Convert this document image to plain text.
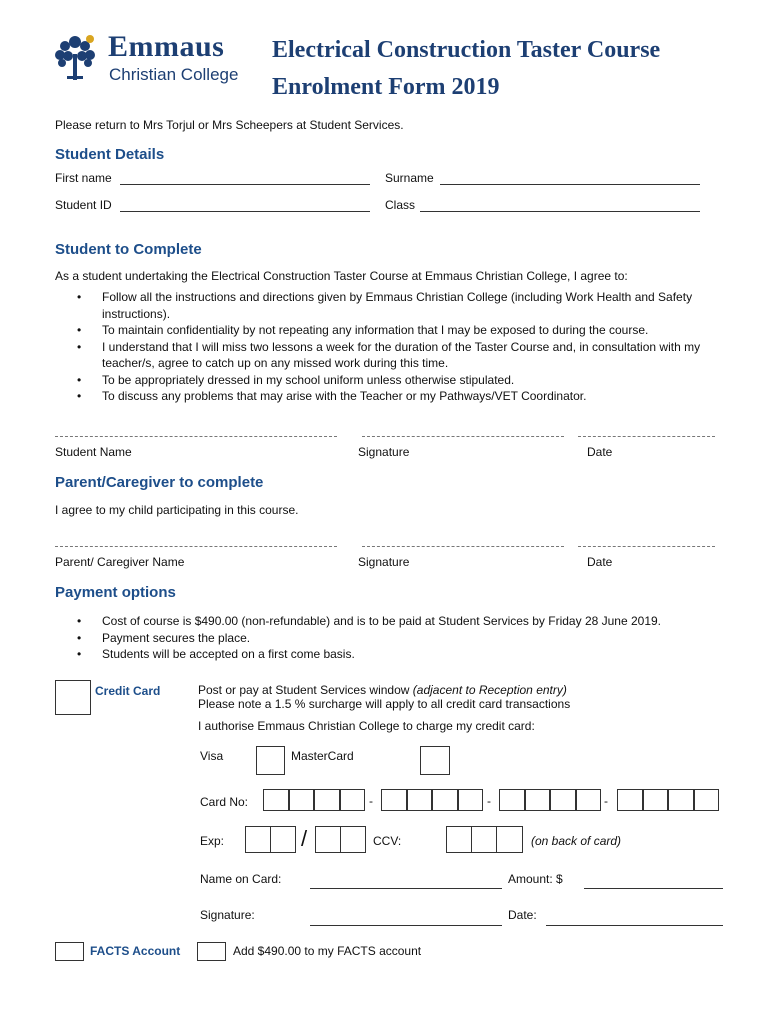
Emmaus
Christian College
Electrical Construction Taster Course
Enrolment Form 2019
Please return to Mrs Torjul or Mrs Scheepers at Student Services.
Student Details
First name	Surname
Student ID	Class
Student to Complete
As a student undertaking the Electrical Construction Taster Course at Emmaus Christian College, I agree to:
• Follow all the instructions and directions given by Emmaus Christian College (including Work Health and Safety instructions).
• To maintain confidentiality by not repeating any information that I may be exposed to during the course.
• I understand that I will miss two lessons a week for the duration of the Taster Course and, in consultation with my teacher/s, agree to catch up on any missed work during this time.
• To be appropriately dressed in my school uniform unless otherwise stipulated.
• To discuss any problems that may arise with the Teacher or my Pathways/VET Coordinator.
Student Name	Signature	Date
Parent/Caregiver to complete
I agree to my child participating in this course.
Parent/ Caregiver Name	Signature	Date
Payment options
• Cost of course is $490.00 (non-refundable) and is to be paid at Student Services by Friday 28 June 2019.
• Payment secures the place.
• Students will be accepted on a first come basis.
Credit Card	Post or pay at Student Services window (adjacent to Reception entry)
Please note a 1.5 % surcharge will apply to all credit card transactions
I authorise Emmaus Christian College to charge my credit card:
Visa	MasterCard
Card No:	-	-	-
Exp:	/	CCV:	(on back of card)
Name on Card:	Amount: $
Signature:	Date:
FACTS Account	Add $490.00 to my FACTS account
